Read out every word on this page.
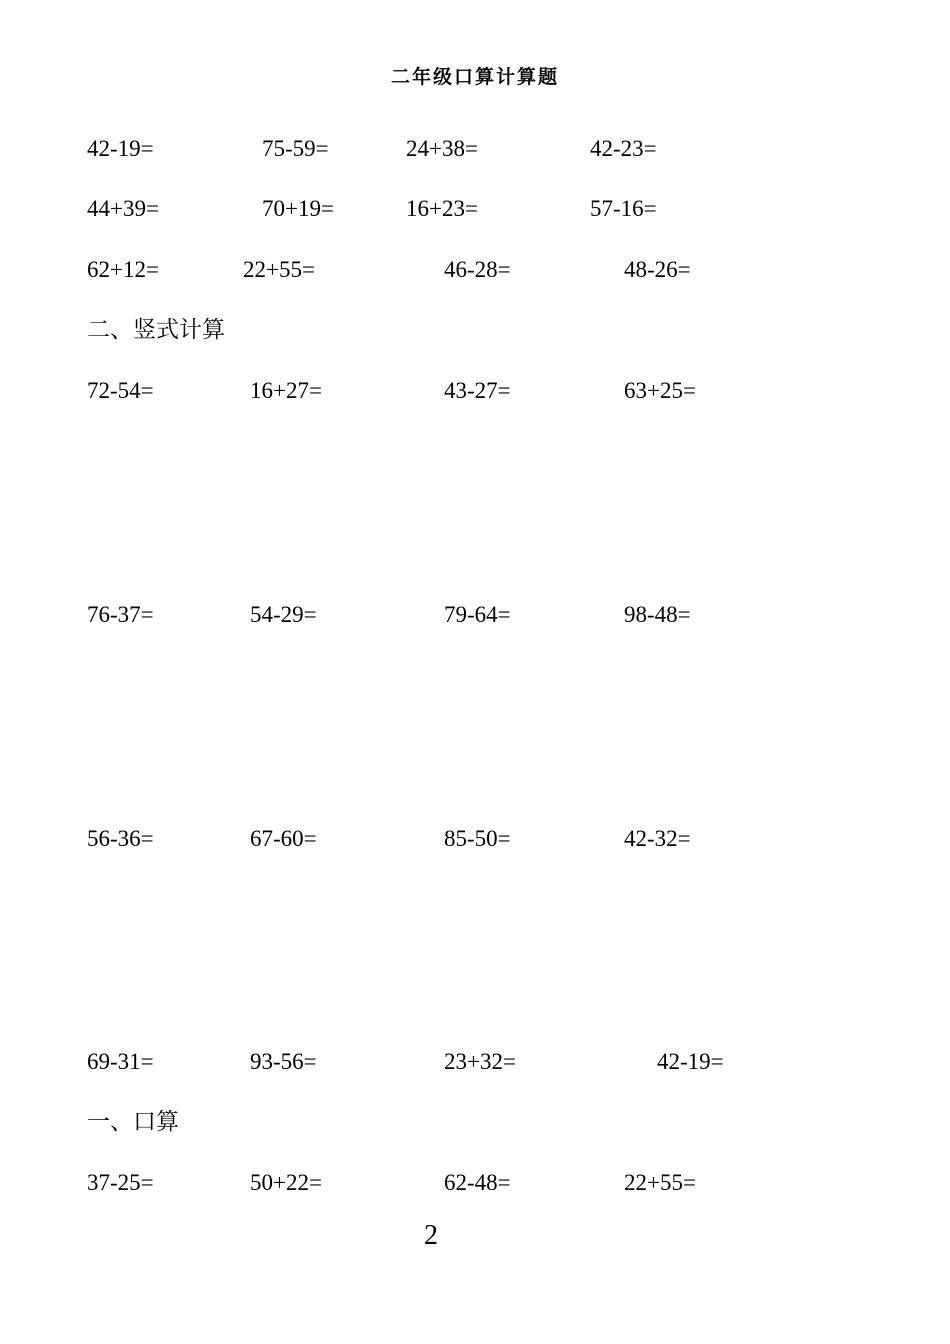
二年级口算计算题
42-19=	75-59=	24+38=	42-23=
44+39=	70+19=	16+23=	57-16=
62+12=	22+55=	46-28=	48-26=
二、竖式计算
72-54=	16+27=	43-27=	63+25=
76-37=	54-29=	79-64=	98-48=
56-36=	67-60=	85-50=	42-32=
69-31=	93-56=	23+32=	42-19=
一、口算
37-25=	50+22=	62-48=	22+55=
2
